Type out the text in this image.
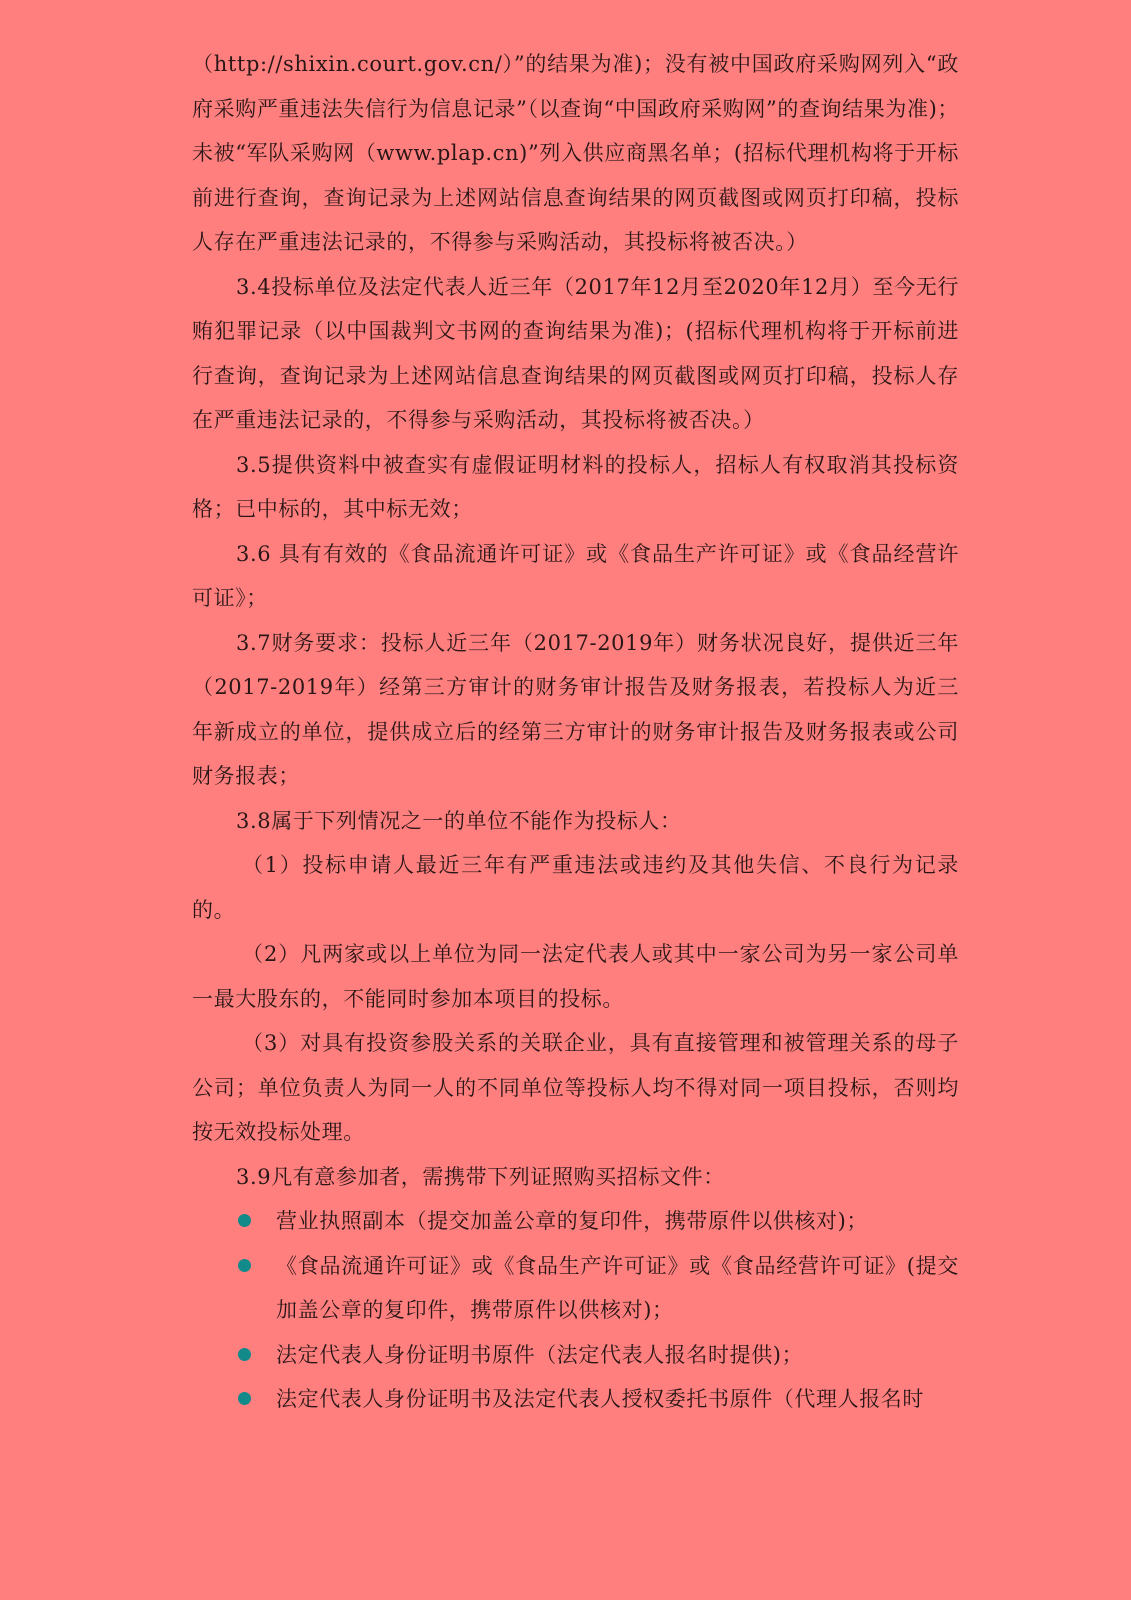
（http://shixin.court.gov.cn/）”的结果为准)；没有被中国政府采购网列入“政府采购严重违法失信行为信息记录”（以查询“中国政府采购网”的查询结果为准)；未被“军队采购网（www.plap.cn)”列入供应商黑名单；(招标代理机构将于开标前进行查询，查询记录为上述网站信息查询结果的网页截图或网页打印稿，投标人存在严重违法记录的，不得参与采购活动，其投标将被否决。）

3.4投标单位及法定代表人近三年（2017年12月至2020年12月）至今无行贿犯罪记录（以中国裁判文书网的查询结果为准)；(招标代理机构将于开标前进行查询，查询记录为上述网站信息查询结果的网页截图或网页打印稿，投标人存在严重违法记录的，不得参与采购活动，其投标将被否决。）

3.5提供资料中被查实有虚假证明材料的投标人，招标人有权取消其投标资格；已中标的，其中标无效；

3.6 具有有效的《食品流通许可证》或《食品生产许可证》或《食品经营许可证》；

3.7财务要求：投标人近三年（2017-2019年）财务状况良好，提供近三年（2017-2019年）经第三方审计的财务审计报告及财务报表，若投标人为近三年新成立的单位，提供成立后的经第三方审计的财务审计报告及财务报表或公司财务报表；

3.8属于下列情况之一的单位不能作为投标人：

（1）投标申请人最近三年有严重违法或违约及其他失信、不良行为记录的。

（2）凡两家或以上单位为同一法定代表人或其中一家公司为另一家公司单一最大股东的，不能同时参加本项目的投标。

（3）对具有投资参股关系的关联企业，具有直接管理和被管理关系的母子公司；单位负责人为同一人的不同单位等投标人均不得对同一项目投标，否则均按无效投标处理。

3.9凡有意参加者，需携带下列证照购买招标文件：

营业执照副本（提交加盖公章的复印件，携带原件以供核对)；
《食品流通许可证》或《食品生产许可证》或《食品经营许可证》(提交加盖公章的复印件，携带原件以供核对)；
法定代表人身份证明书原件（法定代表人报名时提供)；
法定代表人身份证明书及法定代表人授权委托书原件（代理人报名时
